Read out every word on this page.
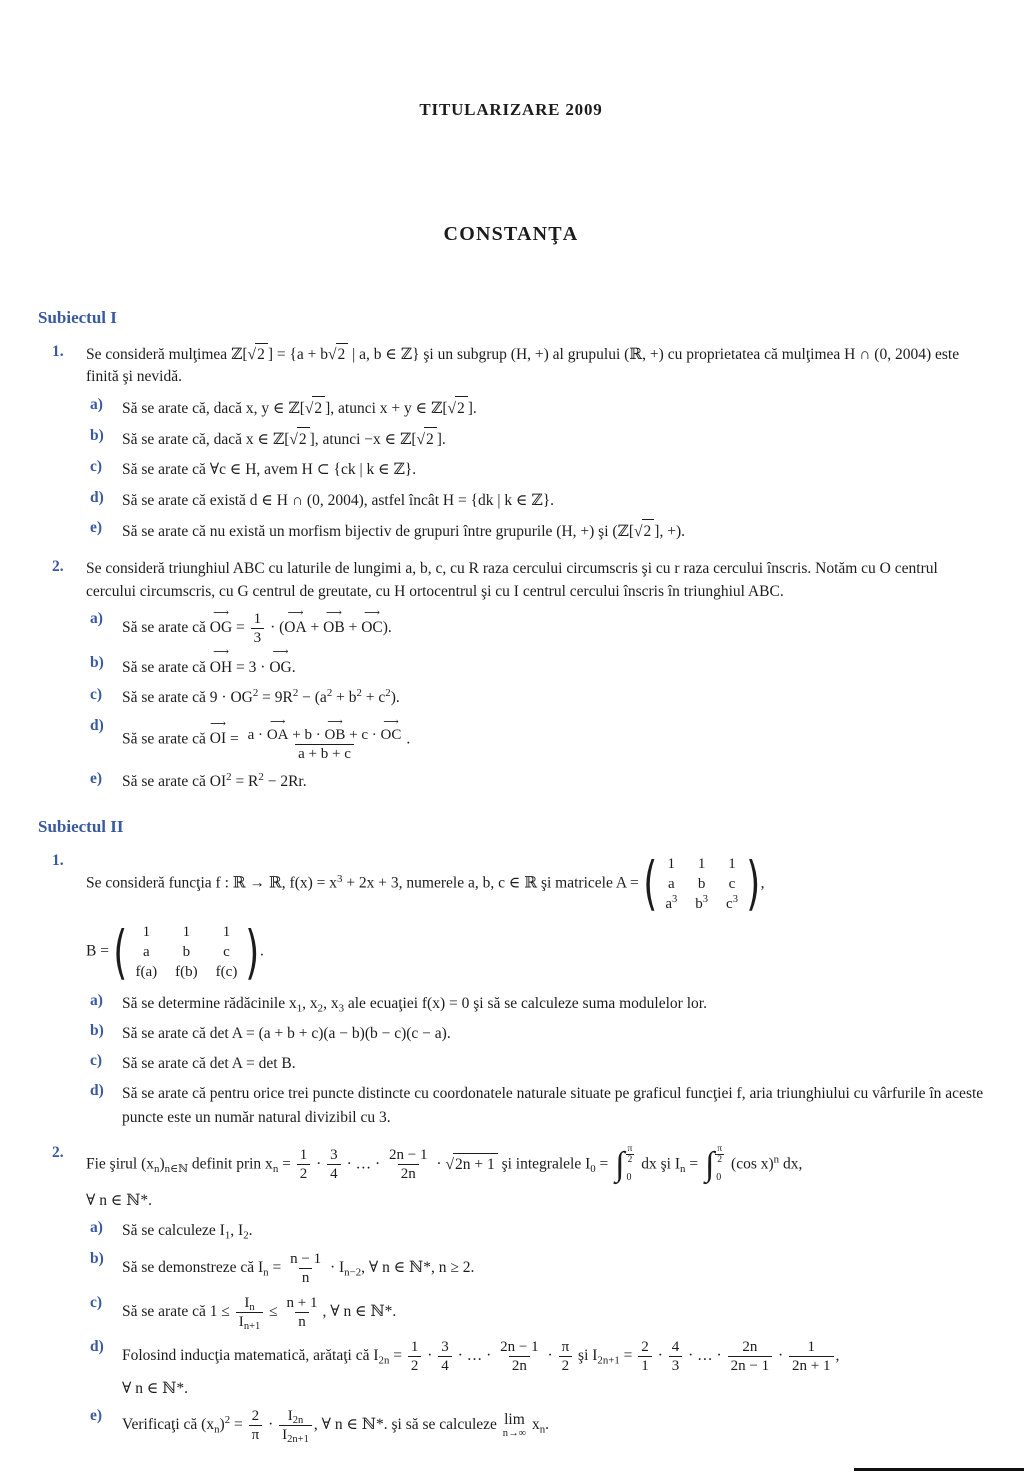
TITULARIZARE 2009
CONSTANŢA
Subiectul I
1.	Se consideră mulţimea ℤ[√2 ] = {a + b√2 | a, b ∈ ℤ} şi un subgrup (H, +) al grupului (ℝ, +) cu proprietatea că mulţimea H ∩ (0, 2004) este finită şi nevidă.
a)	Să se arate că, dacă x, y ∈ ℤ[√2 ], atunci x + y ∈ ℤ[√2 ].
b)	Să se arate că, dacă x ∈ ℤ[√2 ], atunci −x ∈ ℤ[√2 ].
c)	Să se arate că ∀c ∈ H, avem H ⊂ {ck | k ∈ ℤ}.
d)	Să se arate că există d ∈ H ∩ (0, 2004), astfel încât H = {dk | k ∈ ℤ}.
e)	Să se arate că nu există un morfism bijectiv de grupuri între grupurile (H, +) şi (ℤ[√2 ], +).
2.	Se consideră triunghiul ABC cu laturile de lungimi a, b, c, cu R raza cercului circumscris şi cu r raza cercului înscris. Notăm cu O centrul cercului circumscris, cu G centrul de greutate, cu H ortocentrul şi cu I centrul cercului înscris în triunghiul ABC.
a)
Să se arate că
⟶
OG = $\frac{1}{3}$ · (
⟶
OA +
⟶
OB +
⟶
OC).
b)	Să se arate că
⟶
OH = 3 ·
⟶
OG.
c)	Să se arate că $9 \cdot OG^2 = 9R^2 - (a^2 + b^2 + c^2)$.
d)
Să se arate că
⟶
OI = a ·
⟶
OA + b ·
⟶
OB + c ·
⟶
OC
a + b + c .
e)	Să se arate că $OI^2 = R^2 - 2Rr$.
Subiectul II
1.
Se consideră funcţia f : ℝ → ℝ, $f(x) = x^3 + 2x + 3$, numerele a, b, c ∈ ℝ şi matricele A = ( 1 1 1
a b c
$a^3$ $b^3$ $c^3$ ) ,
B = (	1	1	1
a	b	c
f(a) f(b) f(c) ) .
a)	Să se determine rădăcinile $x_1$, $x_2$, $x_3$ ale ecuaţiei f(x) = 0 şi să se calculeze suma modulelor lor.
b)	Să se arate că det A = (a + b + c)(a − b)(b − c)(c − a).
c)	Să se arate că det A = det B.
d)	Să se arate că pentru orice trei puncte distincte cu coordonatele naturale situate pe graficul funcţiei f, aria triunghiului cu vârfurile în aceste puncte este un număr natural divizibil cu 3.
2.
Fie şirul $(x_n)_{n\in ℕ}$ definit prin $x_n = \frac{1}{2} \cdot \frac{3}{4}$ · … · $\frac{2n - 1}{2n} \cdot √2n + 1$ şi integralele $I_0$ = ∫ $\frac{\pi}{2}$
0
dx şi $I_n$ = ∫ $\frac{\pi}{2}$
0
(cos x)$^n$ dx,
∀ n ∈ ℕ*.
a)	Să se calculeze $I_1$, $I_2$.
b)
Să se demonstreze că $I_n = \frac{n - 1}{n} \cdot I_{n-2}$, ∀ n ∈ ℕ*, n ≥ 2.
c)
Să se arate că $1 \le \frac{I_n}{I_{n+1}} \le \frac{n + 1}{n}$ , ∀ n ∈ ℕ*.
d)
Folosind inducţia matematică, arătaţi că $I_{2n} = \frac{1}{2} \cdot \frac{3}{4}$ · … · $\frac{2n - 1}{2n} \cdot \frac{\pi}{2}$ şi $I_{2n+1} = \frac{2}{1} \cdot \frac{4}{3}$ · … · $\frac{2n}{2n - 1} \cdot \frac{1}{2n + 1}$ ,
∀ n ∈ ℕ*.
e)
Verificaţi că $(x_n)^2 = \frac{2}{\pi} \cdot \frac{I_{2n}}{I_{2n+1}}$ , ∀ n ∈ ℕ*. şi să se calculeze lim
n→∞
$x_n$.
